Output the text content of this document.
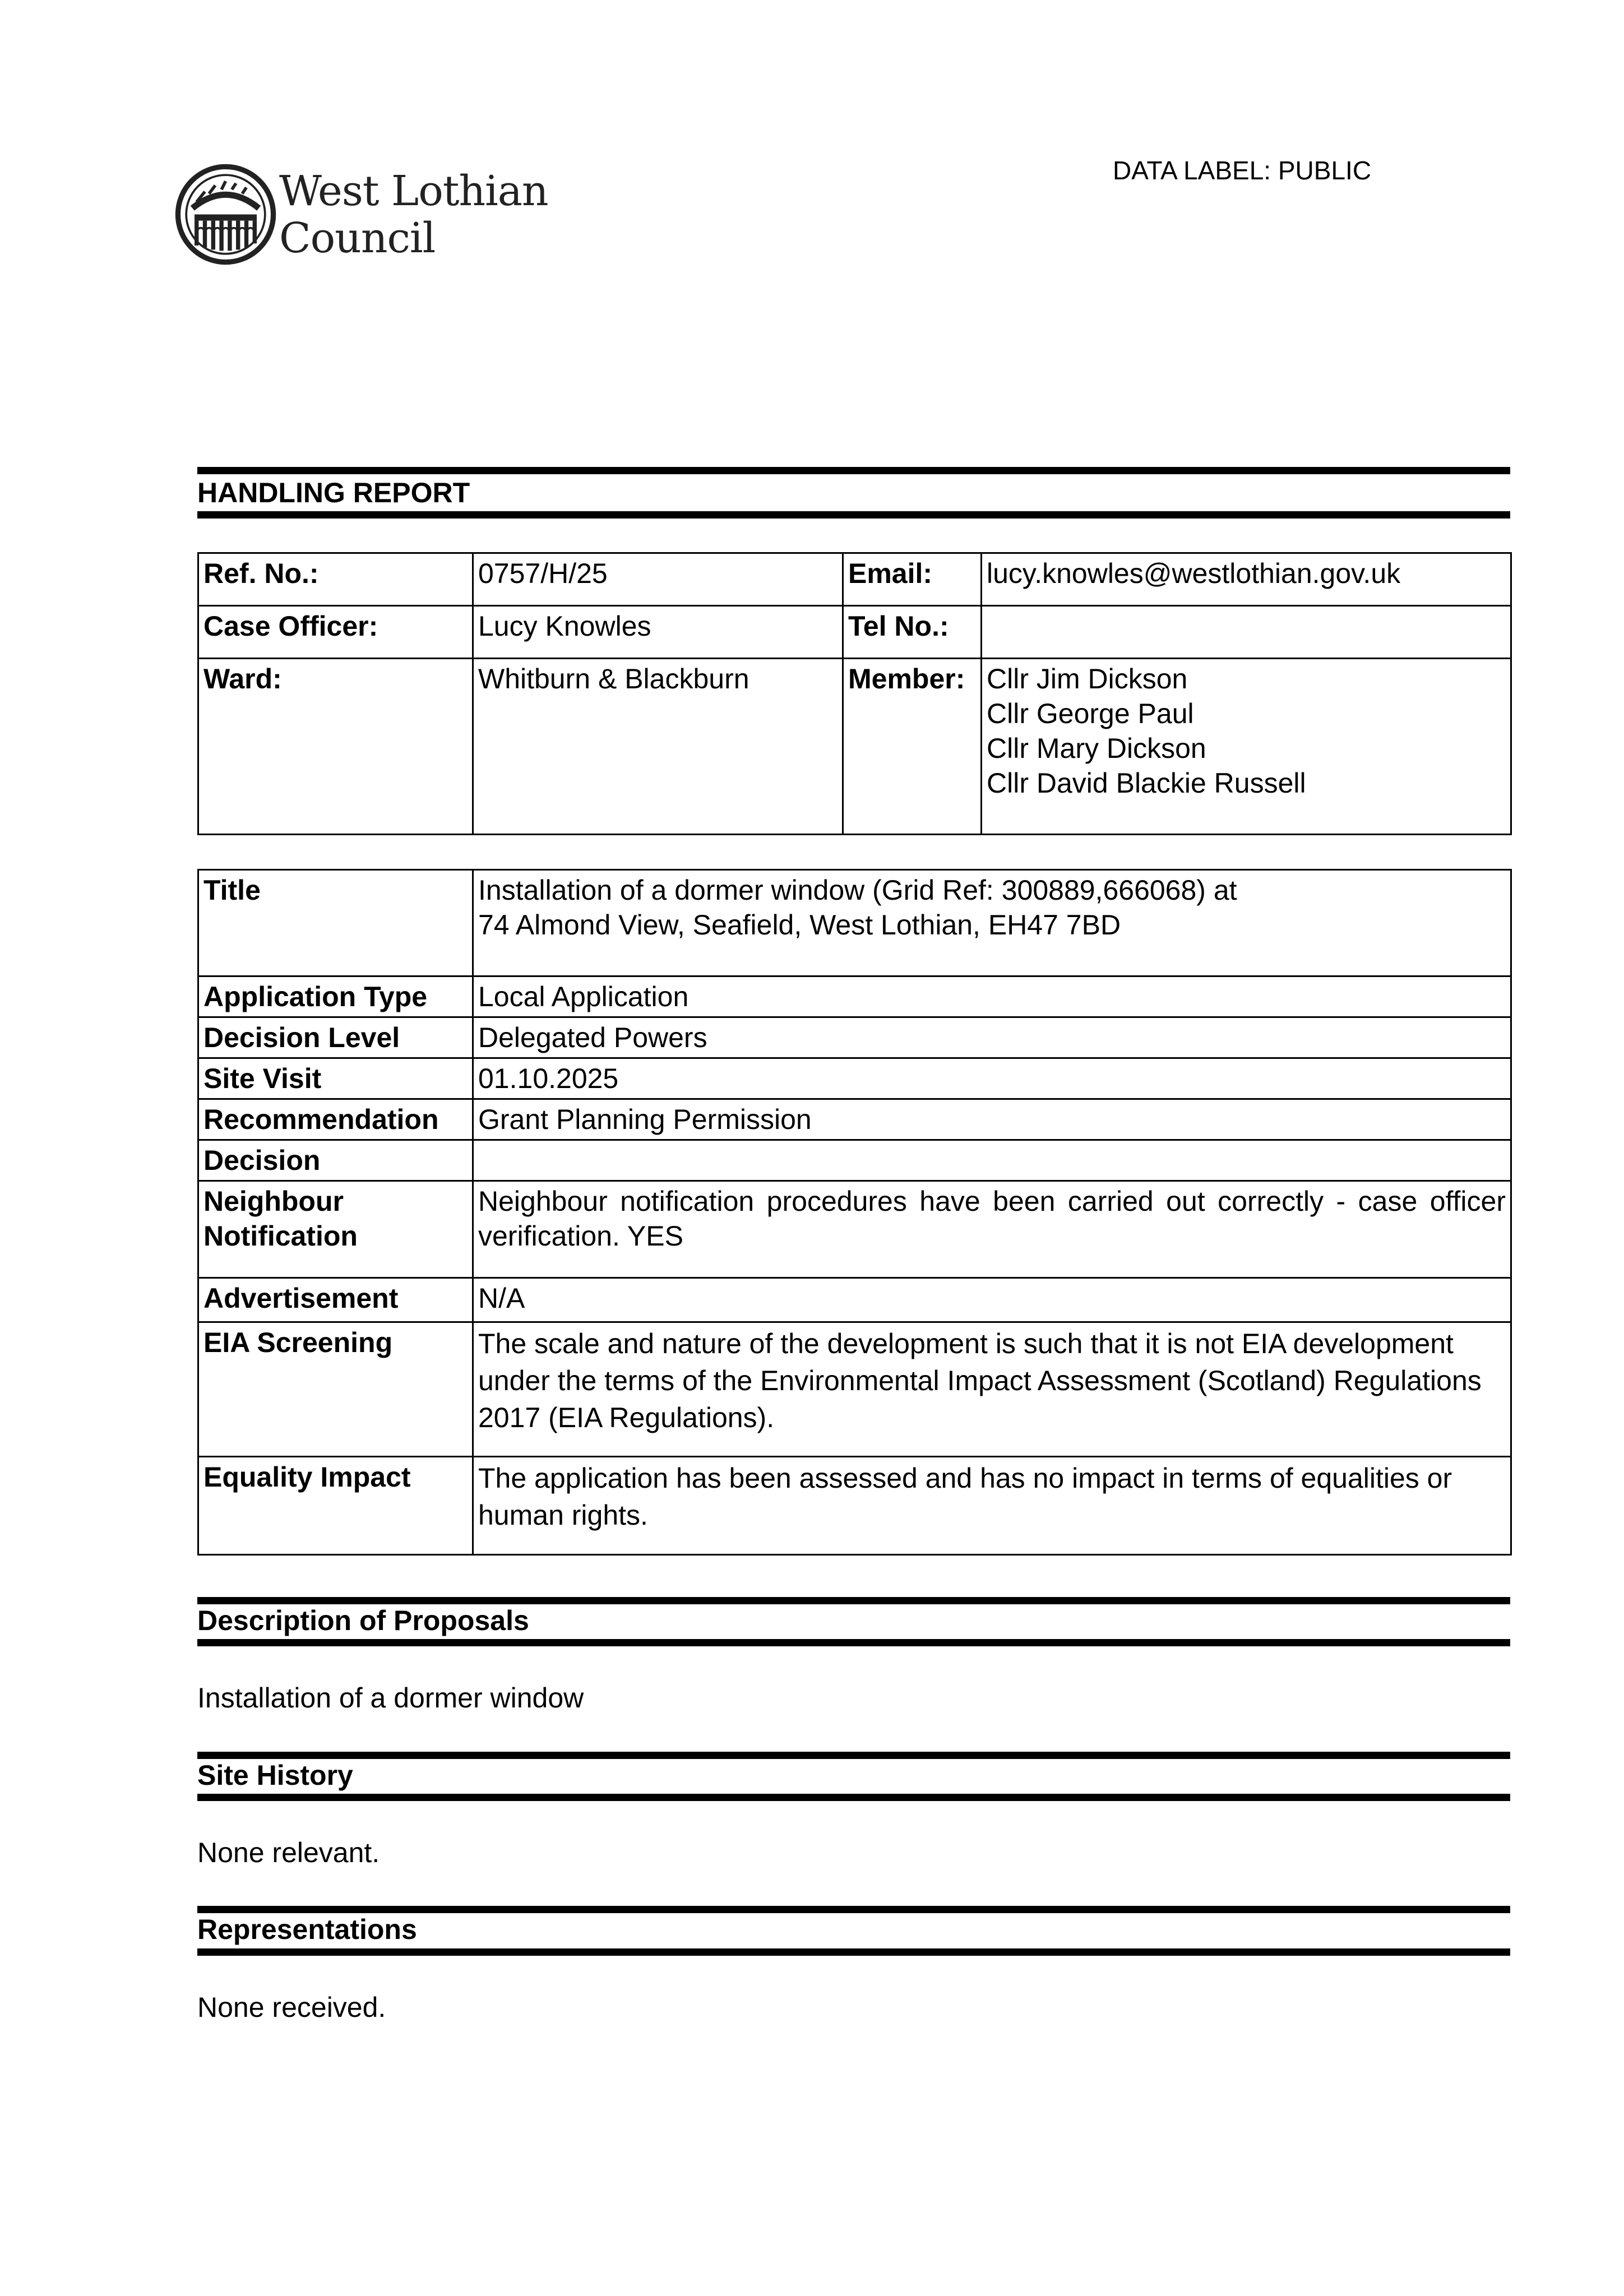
West Lothian
Council
DATA LABEL: PUBLIC
HANDLING REPORT
Ref. No.:	0757/H/25	Email:	lucy.knowles@westlothian.gov.uk
Case Officer:	Lucy Knowles	Tel No.:	
Ward:	Whitburn & Blackburn	Member:	Cllr Jim Dickson
Cllr George Paul
Cllr Mary Dickson
Cllr David Blackie Russell
Title	Installation of a dormer window (Grid Ref: 300889,666068) at
74 Almond View, Seafield, West Lothian, EH47 7BD

Application Type	Local Application
Decision Level	Delegated Powers
Site Visit	01.10.2025
Recommendation	Grant Planning Permission
Decision	

Neighbour
Notification	Neighbour notification procedures have been carried out correctly - case officer verification. YES
Advertisement	N/A
EIA Screening	The scale and nature of the development is such that it is not EIA development under the terms of the Environmental Impact Assessment (Scotland) Regulations 2017 (EIA Regulations).
Equality Impact	The application has been assessed and has no impact in terms of equalities or human rights.
Description of Proposals
Installation of a dormer window
Site History
None relevant.
Representations
None received.
